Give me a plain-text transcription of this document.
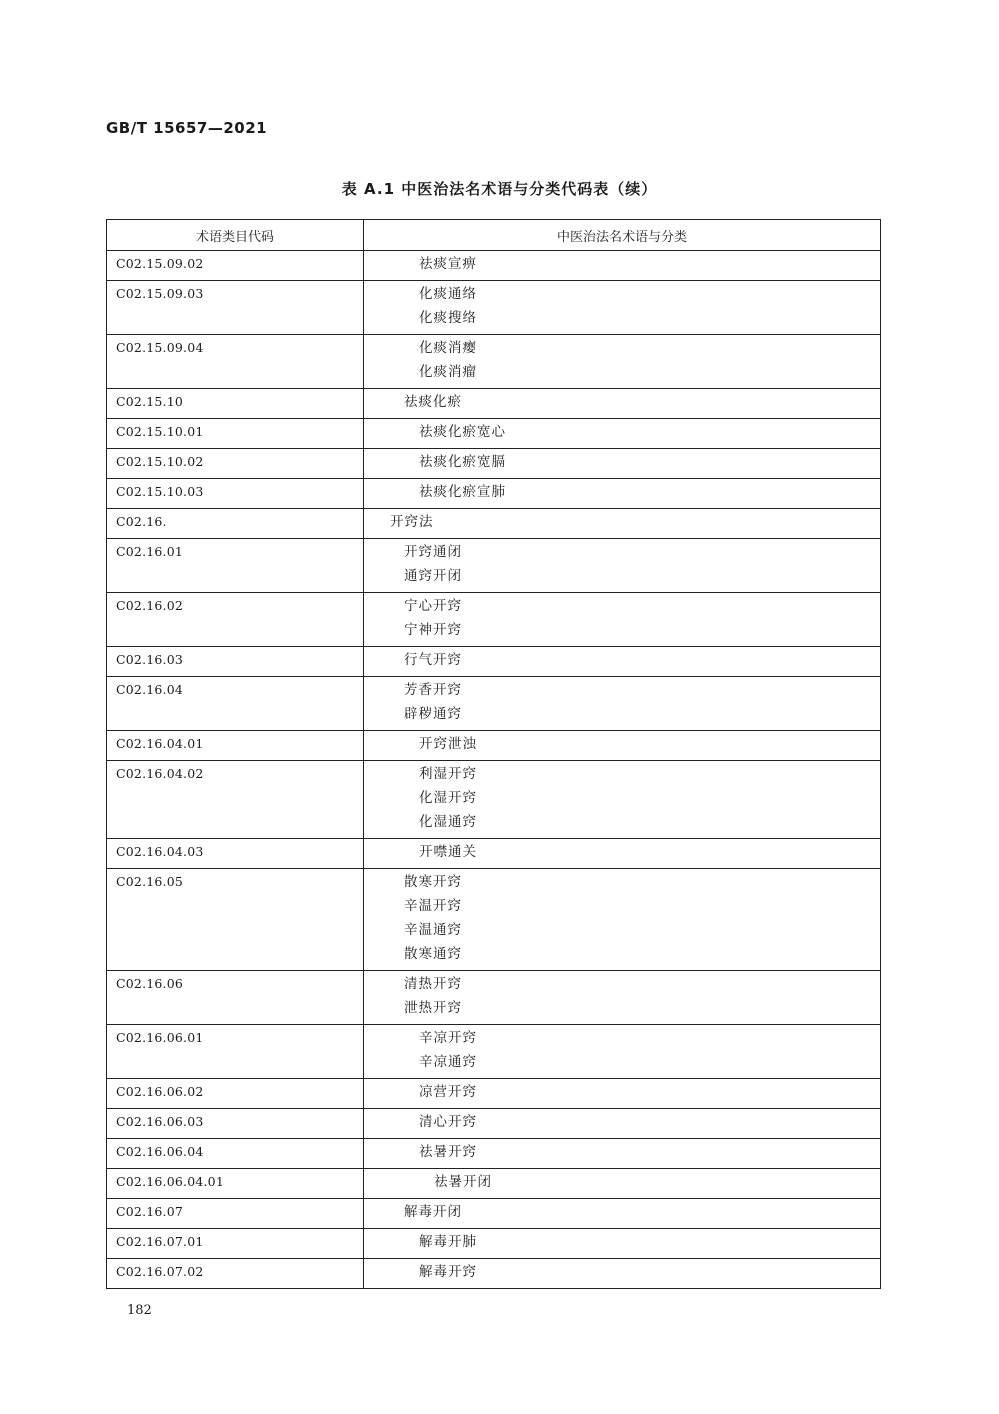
GB/T 15657—2021
表 A.1 中医治法名术语与分类代码表（续）
术语类目代码	中医治法名术语与分类
C02.15.09.02	祛痰宣痹

C02.15.09.03	化痰通络
化痰搜络

C02.15.09.04	化痰消瘿
化痰消瘤

C02.15.10	祛痰化瘀

C02.15.10.01	祛痰化瘀宽心

C02.15.10.02	祛痰化瘀宽膈

C02.15.10.03	祛痰化瘀宣肺

C02.16.	开窍法

C02.16.01	开窍通闭
通窍开闭

C02.16.02	宁心开窍
宁神开窍

C02.16.03	行气开窍

C02.16.04	芳香开窍
辟秽通窍

C02.16.04.01	开窍泄浊

C02.16.04.02	利湿开窍
化湿开窍
化湿通窍

C02.16.04.03	开噤通关

C02.16.05	散寒开窍
辛温开窍
辛温通窍
散寒通窍

C02.16.06	清热开窍
泄热开窍

C02.16.06.01	辛凉开窍
辛凉通窍

C02.16.06.02	凉营开窍

C02.16.06.03	清心开窍

C02.16.06.04	祛暑开窍

C02.16.06.04.01	祛暑开闭

C02.16.07	解毒开闭

C02.16.07.01	解毒开肺

C02.16.07.02	解毒开窍
182
